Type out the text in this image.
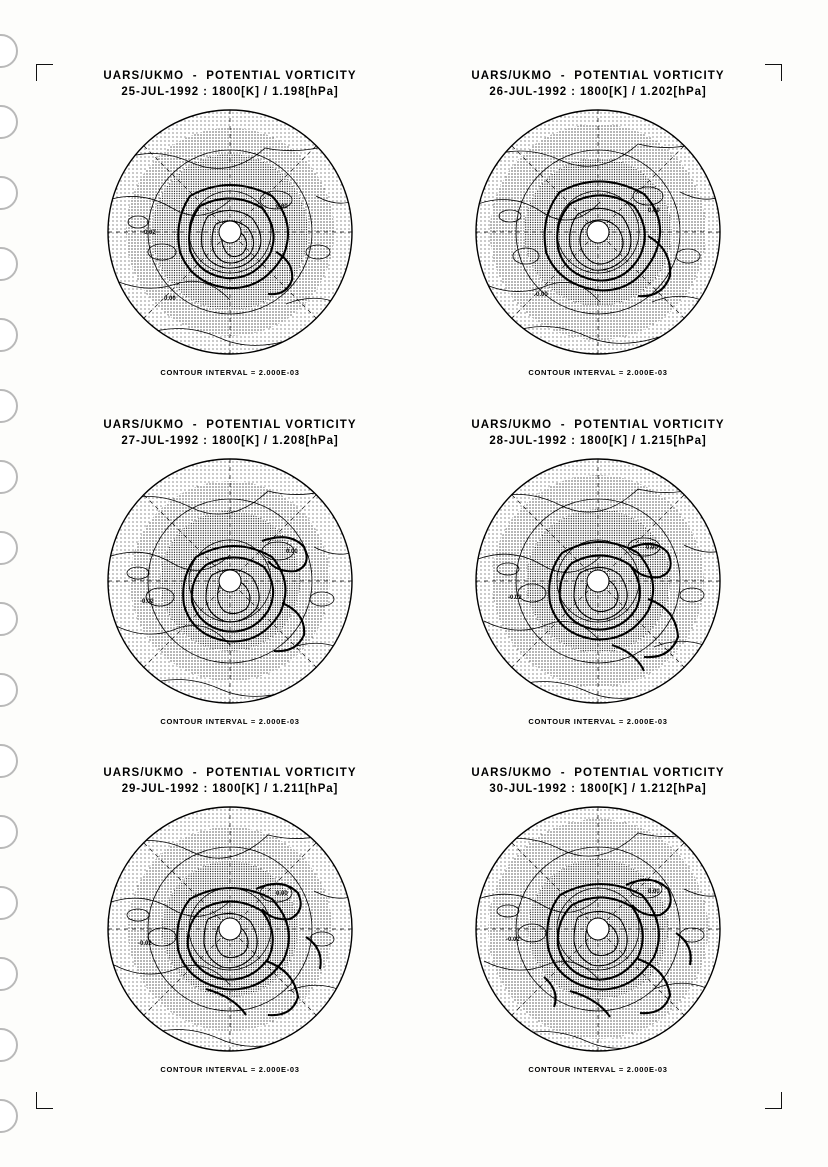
UARS/UKMO  -  POTENTIAL VORTICITY
25-JUL-1992 : 1800[K] / 1.198[hPa]
0.00
0.00
-0.02
CONTOUR INTERVAL = 2.000E-03
UARS/UKMO  -  POTENTIAL VORTICITY
26-JUL-1992 : 1800[K] / 1.202[hPa]
0.00
0.00
CONTOUR INTERVAL = 2.000E-03
UARS/UKMO  -  POTENTIAL VORTICITY
27-JUL-1992 : 1800[K] / 1.208[hPa]
-0.02
0.00
CONTOUR INTERVAL = 2.000E-03
UARS/UKMO  -  POTENTIAL VORTICITY
28-JUL-1992 : 1800[K] / 1.215[hPa]
-0.02
0.00
CONTOUR INTERVAL = 2.000E-03
UARS/UKMO  -  POTENTIAL VORTICITY
29-JUL-1992 : 1800[K] / 1.211[hPa]
-0.02
0.00
CONTOUR INTERVAL = 2.000E-03
UARS/UKMO  -  POTENTIAL VORTICITY
30-JUL-1992 : 1800[K] / 1.212[hPa]
-0.02
0.00
CONTOUR INTERVAL = 2.000E-03
